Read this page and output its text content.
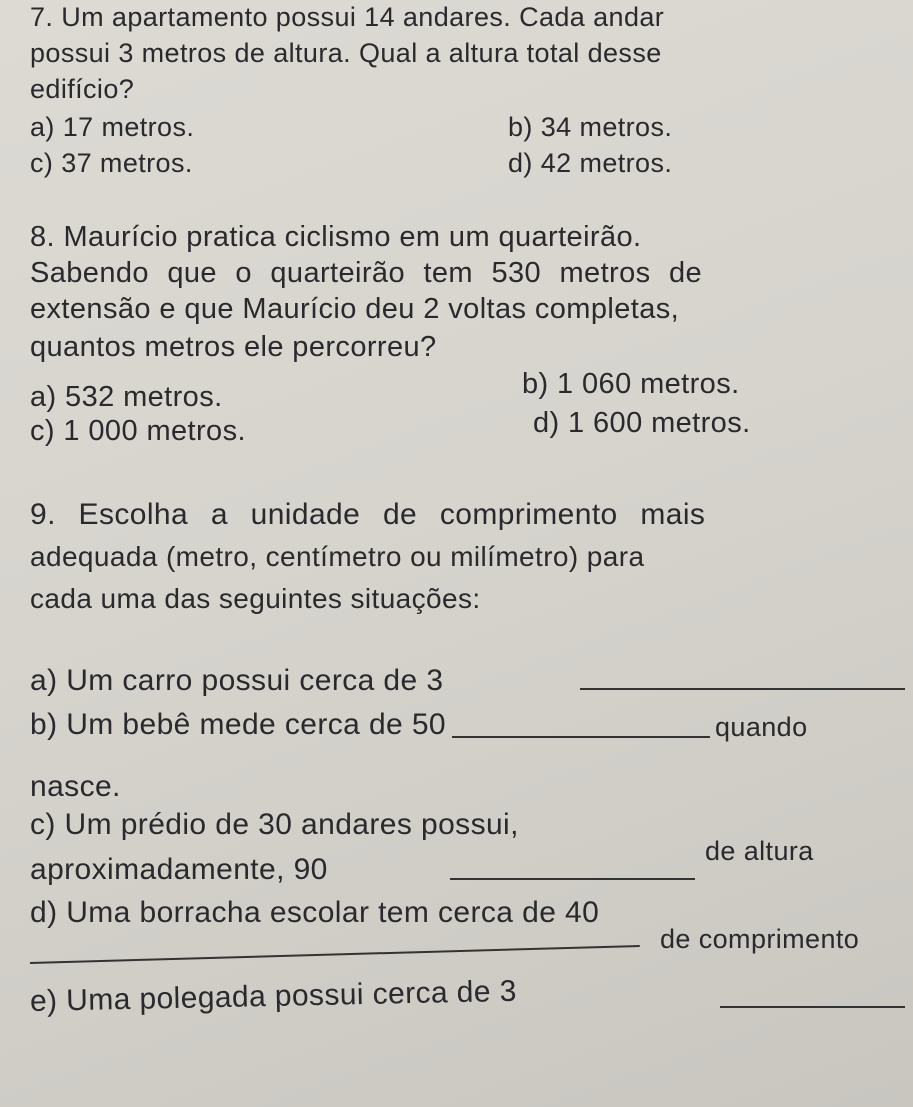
7. Um apartamento possui 14 andares. Cada andar
possui 3 metros de altura. Qual a altura total desse
edifício?
a) 17 metros.	b) 34 metros.
c) 37 metros.	d) 42 metros.
8. Maurício pratica ciclismo em um quarteirão.
Sabendo que o quarteirão tem 530 metros de
extensão e que Maurício deu 2 voltas completas,
quantos metros ele percorreu?
a) 532 metros.	b) 1 060 metros.
c) 1 000 metros.	d) 1 600 metros.
9. Escolha a unidade de comprimento mais
adequada (metro, centímetro ou milímetro) para
cada uma das seguintes situações:
a) Um carro possui cerca de 3
b) Um bebê mede cerca de 50	quando
nasce.
c) Um prédio de 30 andares possui,
aproximadamente, 90
de altura
d) Uma borracha escolar tem cerca de 40
de comprimento
e) Uma polegada possui cerca de 3
